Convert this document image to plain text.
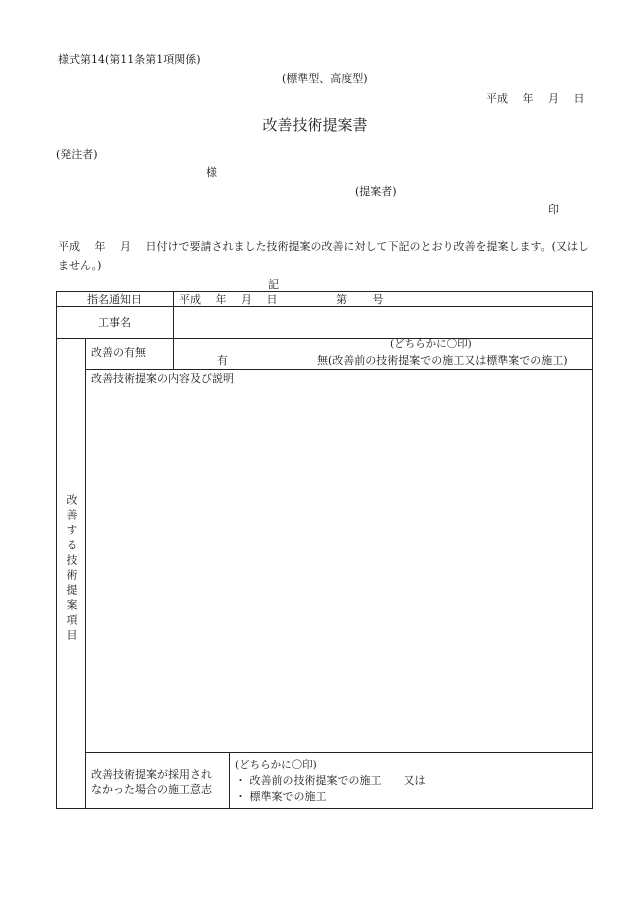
様式第14(第11条第1項関係)
(標準型、高度型)
平成　 年 　月　 日
改善技術提案書
(発注者)
様
(提案者)
印
平成　 年 　月 　日付けで要請されました技術提案の改善に対して下記のとおり改善を提案します。(又はしません。)
記
指名通知日	平成　 年 　月　 日　　　　　 第　　 号
工事名
改善する技術提案項目
改善の有無
(どちらかに〇印)
有	無(改善前の技術提案での施工又は標準案での施工)
改善技術提案の内容及び説明
改善技術提案が採用され
なかった場合の施工意志
(どちらかに〇印)
・ 改善前の技術提案での施工　　又は
・ 標準案での施工
